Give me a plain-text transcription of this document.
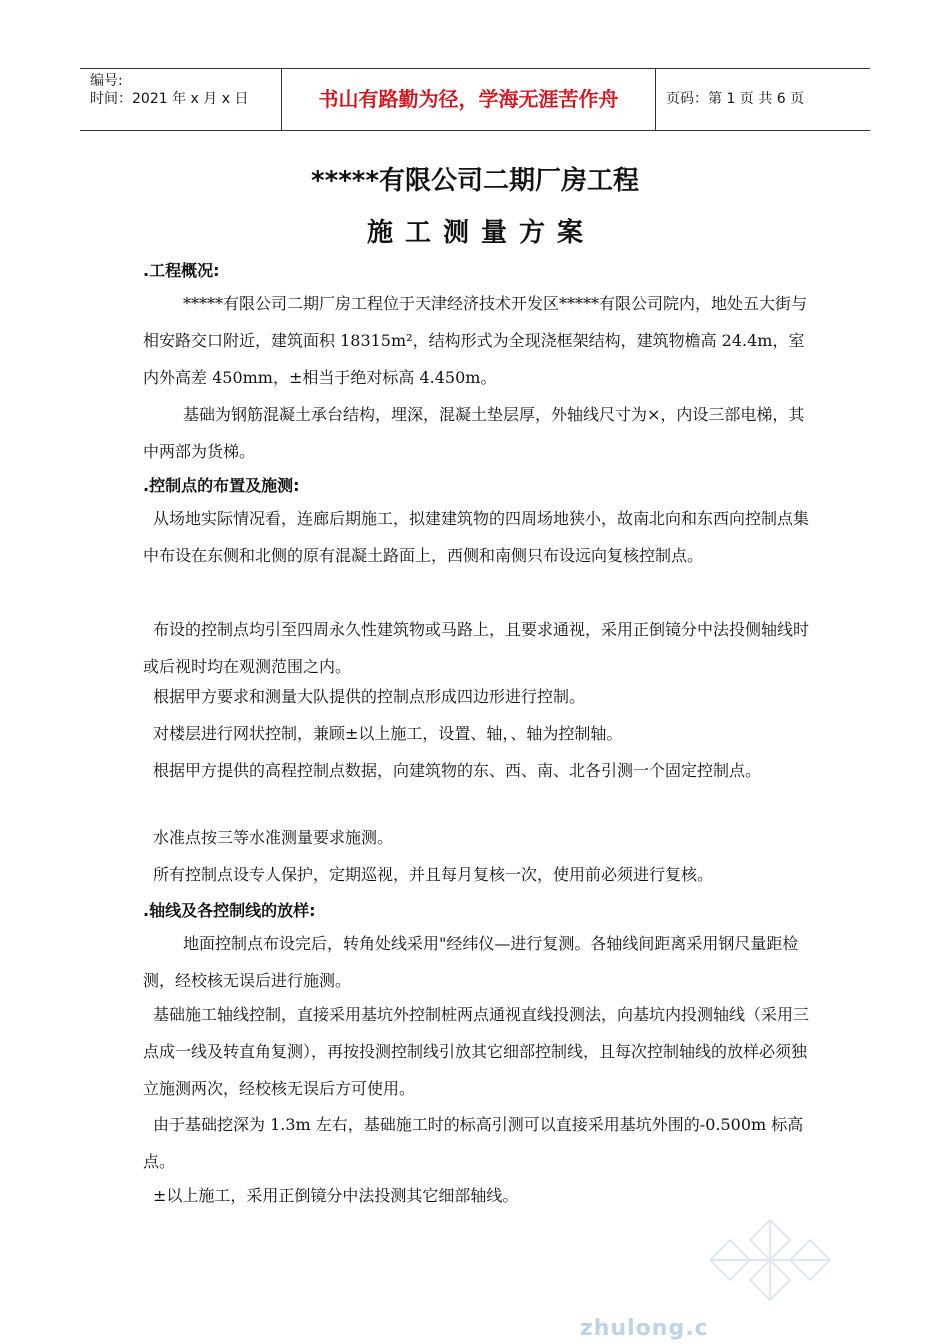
编号:
时间：2021 年 x 月 x 日	书山有路勤为径，学海无涯苦作舟	页码：第 1 页 共 6 页
*****有限公司二期厂房工程
施工测量方案
.工程概况:

*****有限公司二期厂房工程位于天津经济技术开发区*****有限公司院内，地处五大街与相安路交口附近，建筑面积 18315m²，结构形式为全现浇框架结构，建筑物檐高 24.4m，室内外高差 450mm，±相当于绝对标高 4.450m。

基础为钢筋混凝土承台结构，埋深，混凝土垫层厚，外轴线尺寸为×，内设三部电梯，其中两部为货梯。

.控制点的布置及施测:

从场地实际情况看，连廊后期施工，拟建建筑物的四周场地狭小，故南北向和东西向控制点集中布设在东侧和北侧的原有混凝土路面上，西侧和南侧只布设远向复核控制点。

布设的控制点均引至四周永久性建筑物或马路上，且要求通视，采用正倒镜分中法投侧轴线时或后视时均在观测范围之内。

根据甲方要求和测量大队提供的控制点形成四边形进行控制。

对楼层进行网状控制，兼顾±以上施工，设置、轴，、轴为控制轴。

根据甲方提供的高程控制点数据，向建筑物的东、西、南、北各引测一个固定控制点。

水准点按三等水准测量要求施测。

所有控制点设专人保护，定期巡视，并且每月复核一次，使用前必须进行复核。

.轴线及各控制线的放样:

地面控制点布设完后，转角处线采用"经纬仪—进行复测。各轴线间距离采用钢尺量距检测，经校核无误后进行施测。

基础施工轴线控制，直接采用基坑外控制桩两点通视直线投测法，向基坑内投测轴线（采用三点成一线及转直角复测），再按投测控制线引放其它细部控制线，且每次控制轴线的放样必须独立施测两次，经校核无误后方可使用。

由于基础挖深为 1.3m 左右，基础施工时的标高引测可以直接采用基坑外围的-0.500m 标高点。

±以上施工，采用正倒镜分中法投测其它细部轴线。

zhulong.c
